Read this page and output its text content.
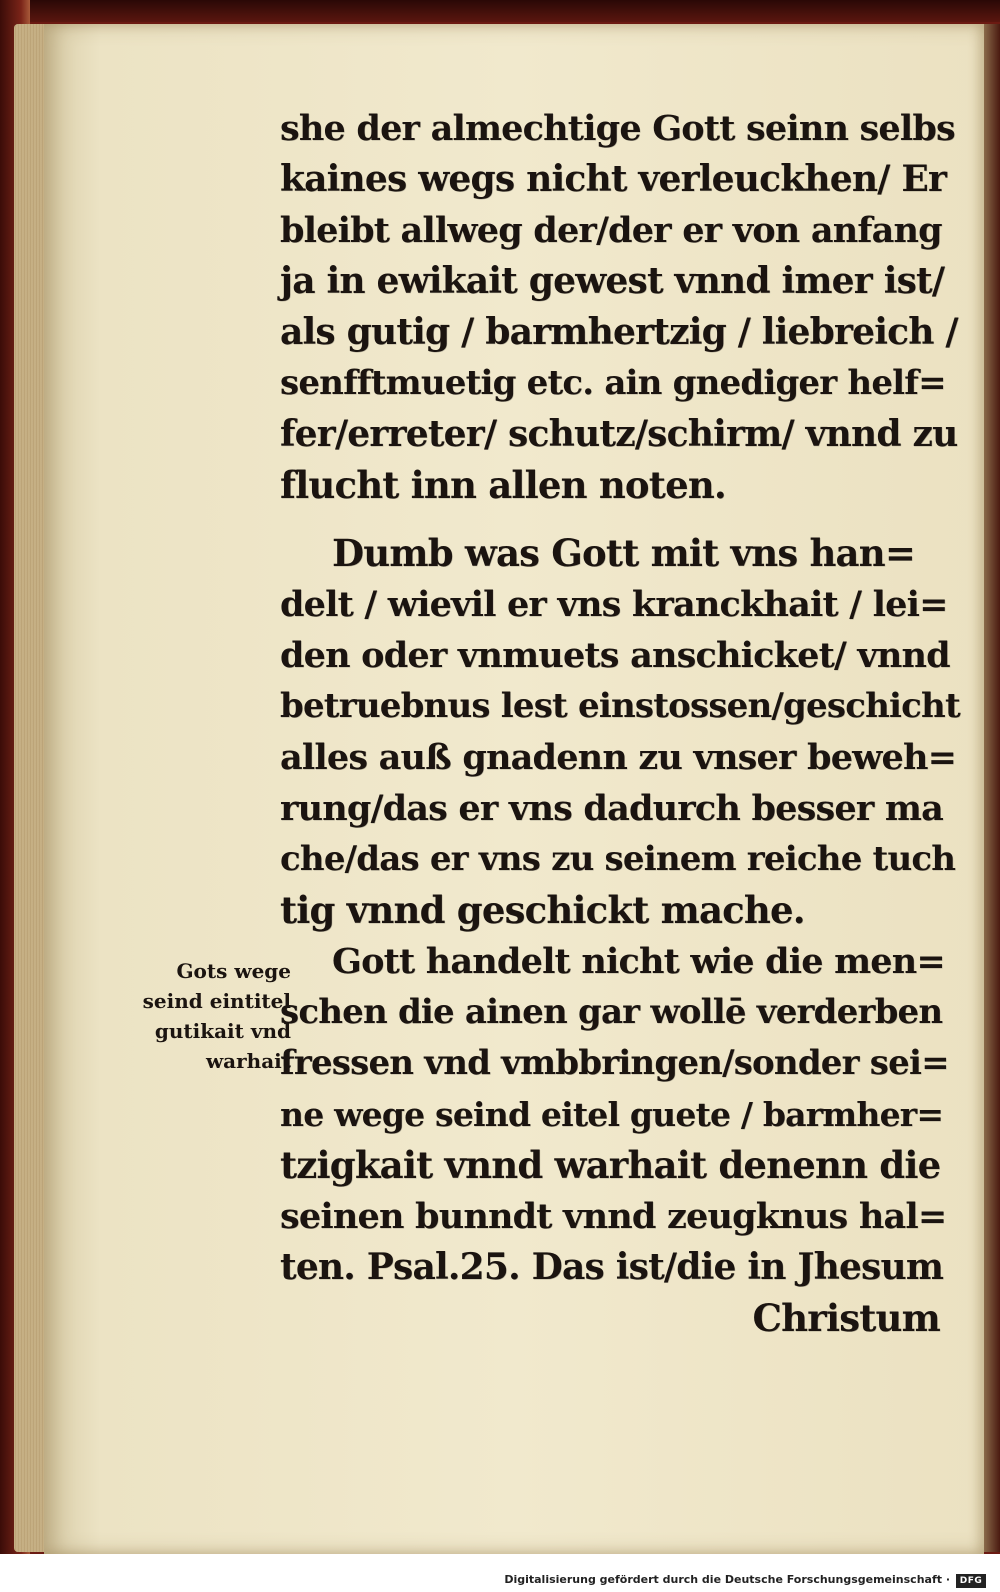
she der almechtige Gott seinn selbs
kaines wegs nicht verleuckhen/ Er
bleibt allweg der/der er von anfang
ja in ewikait gewest vnnd imer ist/
als gutig / barmhertzig / liebreich /
senfftmuetig etc. ain gnediger helf=
fer/erreter/ schutz/schirm/ vnnd zu
flucht inn allen noten.
Dumb was Gott mit vns han=
delt / wievil er vns kranckhait / lei=
den oder vnmuets anschicket/ vnnd
betruebnus lest einstossen/geschicht
alles auß gnadenn zu vnser beweh=
rung/das er vns dadurch besser ma
che/das er vns zu seinem reiche tuch
tig vnnd geschickt mache.
Gots wege
seind eintitel
gutikait vnd
warhait
Gott handelt nicht wie die men=
schen die ainen gar wollē verderben
fressen vnd vmbbringen/sonder sei=
ne wege seind eitel guete / barmher=
tzigkait vnnd warhait denenn die
seinen bunndt vnnd zeugknus hal=
ten. Psal.25. Das ist/die in Jhesum
Christum
Digitalisierung gefördert durch die Deutsche Forschungsgemeinschaft ·	DFG
